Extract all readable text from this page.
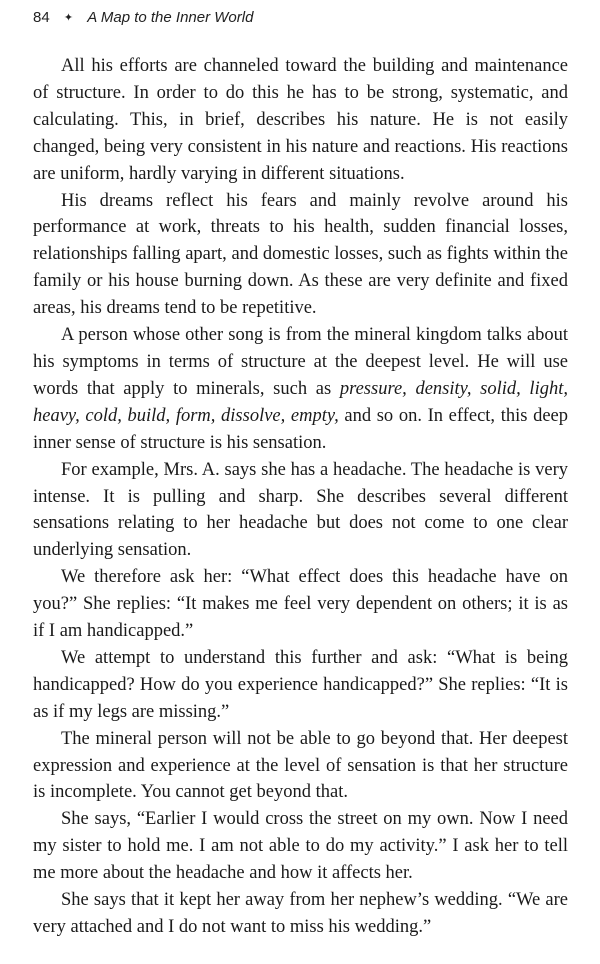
84 ✦ A Map to the Inner World

All his efforts are channeled toward the building and maintenance of structure. In order to do this he has to be strong, systematic, and calculating. This, in brief, describes his nature. He is not easily changed, being very consistent in his nature and reactions. His reactions are uniform, hardly varying in different situations.

His dreams reflect his fears and mainly revolve around his performance at work, threats to his health, sudden financial losses, relationships falling apart, and domestic losses, such as fights within the family or his house burning down. As these are very definite and fixed areas, his dreams tend to be repetitive.

A person whose other song is from the mineral kingdom talks about his symptoms in terms of structure at the deepest level. He will use words that apply to minerals, such as pressure, density, solid, light, heavy, cold, build, form, dissolve, empty, and so on. In effect, this deep inner sense of structure is his sensation.

For example, Mrs. A. says she has a headache. The headache is very intense. It is pulling and sharp. She describes several different sensations relating to her headache but does not come to one clear underlying sensation.

We therefore ask her: “What effect does this headache have on you?” She replies: “It makes me feel very dependent on others; it is as if I am handicapped.”

We attempt to understand this further and ask: “What is being handicapped? How do you experience handicapped?” She replies: “It is as if my legs are missing.”

The mineral person will not be able to go beyond that. Her deepest expression and experience at the level of sensation is that her structure is incomplete. You cannot get beyond that.

She says, “Earlier I would cross the street on my own. Now I need my sister to hold me. I am not able to do my activity.” I ask her to tell me more about the headache and how it affects her.

She says that it kept her away from her nephew’s wedding. “We are very attached and I do not want to miss his wedding.”
